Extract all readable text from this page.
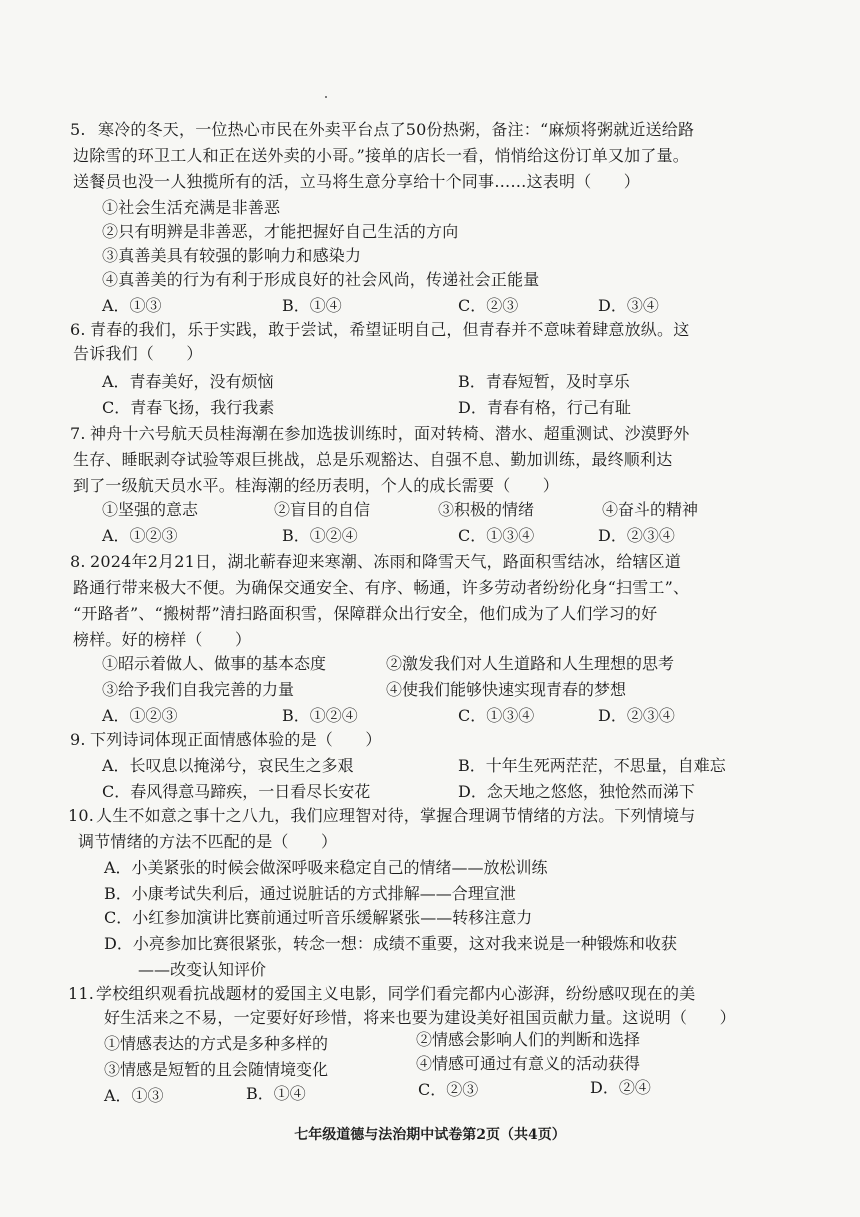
5. 寒冷的冬天，一位热心市民在外卖平台点了50份热粥，备注：“麻烦将粥就近送给路
边除雪的环卫工人和正在送外卖的小哥。”接单的店长一看，悄悄给这份订单又加了量。
送餐员也没一人独揽所有的活，立马将生意分享给十个同事……这表明（　　）
①社会生活充满是非善恶
②只有明辨是非善恶，才能把握好自己生活的方向
③真善美具有较强的影响力和感染力
④真善美的行为有利于形成良好的社会风尚，传递社会正能量
A．①③	B．①④	C．②③	D．③④
6. 青春的我们，乐于实践，敢于尝试，希望证明自己，但青春并不意味着肆意放纵。这
告诉我们（　　）
A．青春美好，没有烦恼	B．青春短暂，及时享乐
C．青春飞扬，我行我素	D．青春有格，行己有耻
7. 神舟十六号航天员桂海潮在参加选拔训练时，面对转椅、潜水、超重测试、沙漠野外
生存、睡眠剥夺试验等艰巨挑战，总是乐观豁达、自强不息、勤加训练，最终顺利达
到了一级航天员水平。桂海潮的经历表明，个人的成长需要（　　）
①坚强的意志	②盲目的自信	③积极的情绪	④奋斗的精神
A．①②③	B．①②④	C．①③④	D．②③④
8. 2024年2月21日，湖北蕲春迎来寒潮、冻雨和降雪天气，路面积雪结冰，给辖区道
路通行带来极大不便。为确保交通安全、有序、畅通，许多劳动者纷纷化身“扫雪工”、
“开路者”、“搬树帮”清扫路面积雪，保障群众出行安全，他们成为了人们学习的好
榜样。好的榜样（　　）
①昭示着做人、做事的基本态度	②激发我们对人生道路和人生理想的思考
③给予我们自我完善的力量	④使我们能够快速实现青春的梦想
A．①②③	B．①②④	C．①③④	D．②③④
9. 下列诗词体现正面情感体验的是（　　）
A．长叹息以掩涕兮，哀民生之多艰	B．十年生死两茫茫，不思量，自难忘
C．春风得意马蹄疾，一日看尽长安花	D．念天地之悠悠，独怆然而涕下
10. 人生不如意之事十之八九，我们应理智对待，掌握合理调节情绪的方法。下列情境与
调节情绪的方法不匹配的是（　　）
A．小美紧张的时候会做深呼吸来稳定自己的情绪——放松训练
B．小康考试失利后，通过说脏话的方式排解——合理宣泄
C．小红参加演讲比赛前通过听音乐缓解紧张——转移注意力
D．小亮参加比赛很紧张，转念一想：成绩不重要，这对我来说是一种锻炼和收获
——改变认知评价
11. 学校组织观看抗战题材的爱国主义电影，同学们看完都内心澎湃，纷纷感叹现在的美
好生活来之不易，一定要好好珍惜，将来也要为建设美好祖国贡献力量。这说明（　　）
①情感表达的方式是多种多样的	②情感会影响人们的判断和选择
③情感是短暂的且会随情境变化	④情感可通过有意义的活动获得
A．①③	B．①④	C．②③	D．②④
七年级道德与法治期中试卷第2页（共4页）
